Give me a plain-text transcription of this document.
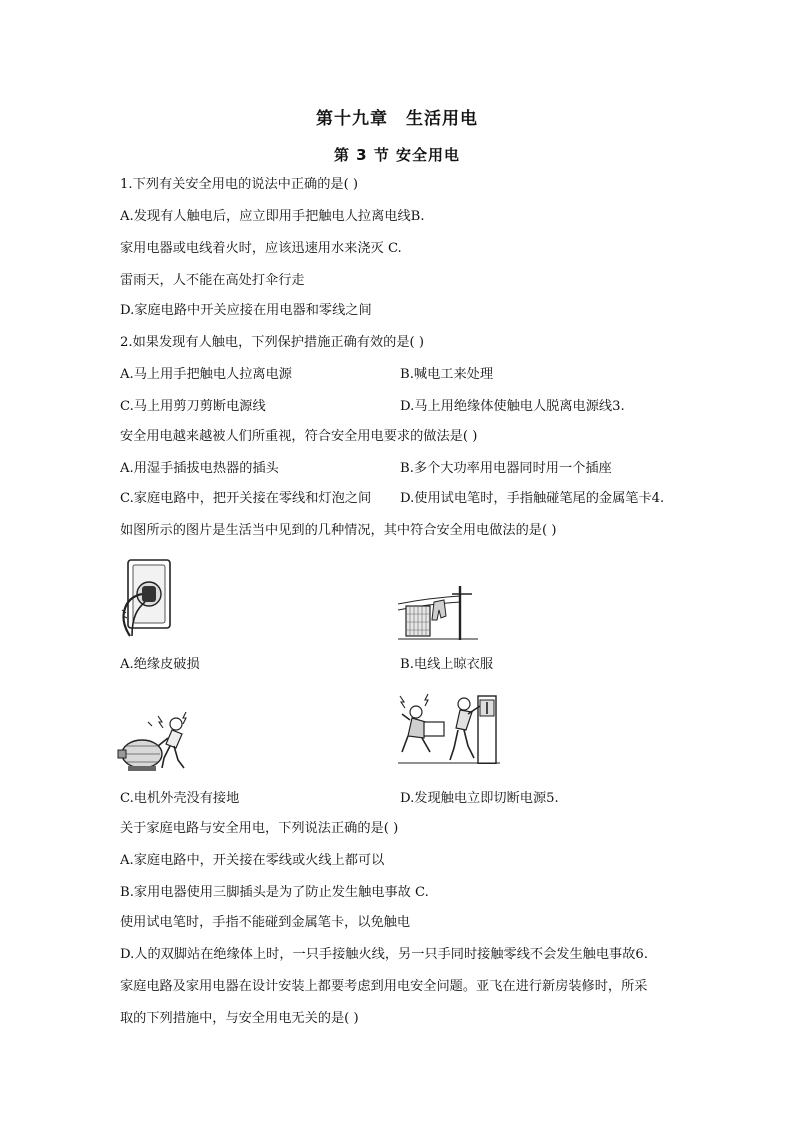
第十九章　生活用电
第 3 节 安全用电
1.下列有关安全用电的说法中正确的是( )
A.发现有人触电后，应立即用手把触电人拉离电线B.
家用电器或电线着火时，应该迅速用水来浇灭 C.
雷雨天，人不能在高处打伞行走
D.家庭电路中开关应接在用电器和零线之间
2.如果发现有人触电，下列保护措施正确有效的是( )
A.马上用手把触电人拉离电源	B.喊电工来处理
C.马上用剪刀剪断电源线	D.马上用绝缘体使触电人脱离电源线3.
安全用电越来越被人们所重视，符合安全用电要求的做法是( )
A.用湿手插拔电热器的插头	B.多个大功率用电器同时用一个插座
C.家庭电路中，把开关接在零线和灯泡之间 D.使用试电笔时，手指触碰笔尾的金属笔卡4.
如图所示的图片是生活当中见到的几种情况，其中符合安全用电做法的是( )
A.绝缘皮破损	B.电线上晾衣服
C.电机外壳没有接地	D.发现触电立即切断电源5.
关于家庭电路与安全用电，下列说法正确的是( )
A.家庭电路中，开关接在零线或火线上都可以
B.家用电器使用三脚插头是为了防止发生触电事故 C.
使用试电笔时，手指不能碰到金属笔卡，以免触电
D.人的双脚站在绝缘体上时，一只手接触火线，另一只手同时接触零线不会发生触电事故6.
家庭电路及家用电器在设计安装上都要考虑到用电安全问题。亚飞在进行新房装修时，所采
取的下列措施中，与安全用电无关的是( )
